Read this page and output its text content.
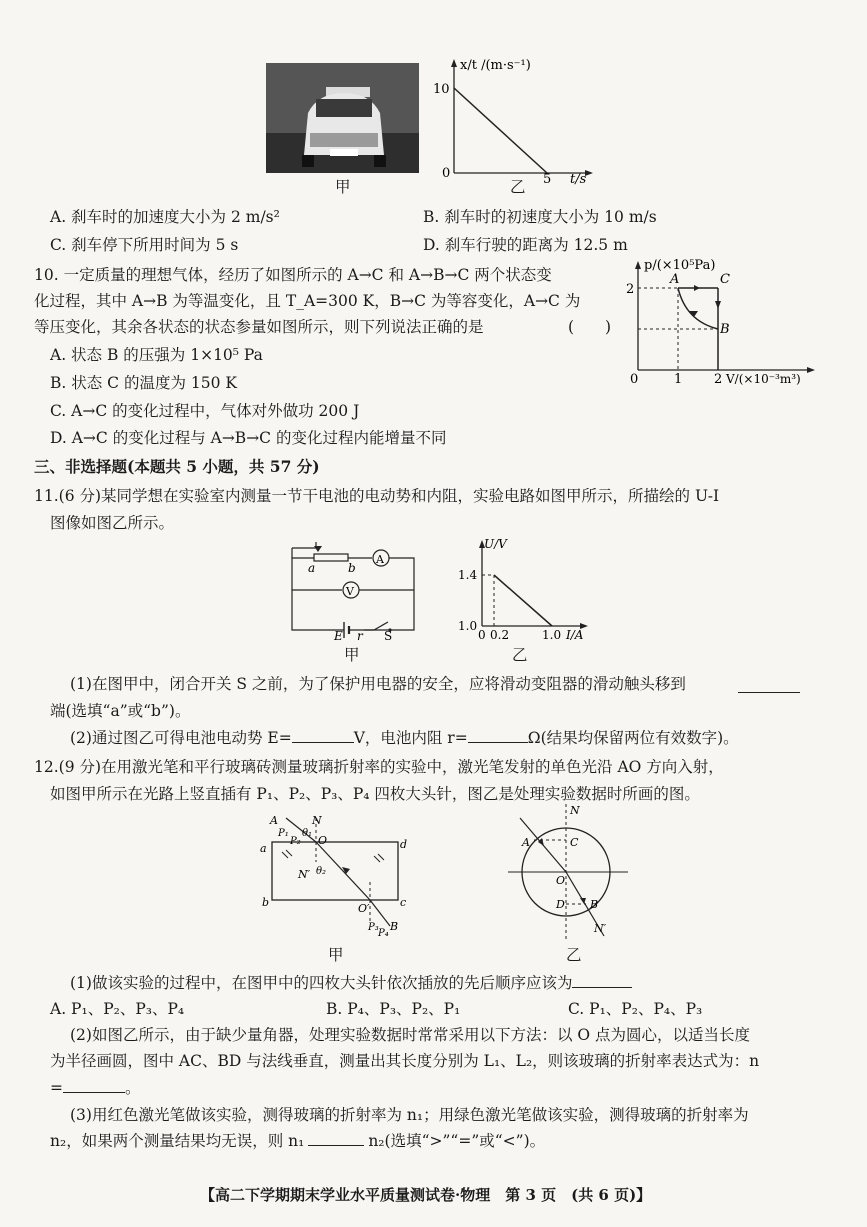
甲
x/t /(m·s⁻¹)
10
0	5 t/s
乙
A. 刹车时的加速度大小为 2 m/s²	B. 刹车时的初速度大小为 10 m/s
C. 刹车停下所用时间为 5 s	D. 刹车行驶的距离为 12.5 m
10. 一定质量的理想气体，经历了如图所示的 A→C 和 A→B→C 两个状态变
化过程，其中 A→B 为等温变化，且 T_A=300 K，B→C 为等容变化，A→C 为
等压变化，其余各状态的状态参量如图所示，则下列说法正确的是	(　　)
A. 状态 B 的压强为 1×10⁵ Pa
B. 状态 C 的温度为 150 K
C. A→C 的变化过程中，气体对外做功 200 J
D. A→C 的变化过程与 A→B→C 的变化过程内能增量不同
p/(×10⁵Pa)
2
A	C
B
0	1 2 V/(×10⁻³m³)
三、非选择题(本题共 5 小题，共 57 分)
11.(6 分)某同学想在实验室内测量一节干电池的电动势和内阻，实验电路如图甲所示，所描绘的 U-I
图像如图乙所示。
a	b
A
V
E r S
甲
U/V
1.4
1.0
0 0.2	1.0 I/A
乙
(1)在图甲中，闭合开关 S 之前，为了保护用电器的安全，应将滑动变阻器的滑动触头移到
端(选填“a”或“b”)。
(2)通过图乙可得电池电动势 E=	V，电池内阻 r=	Ω(结果均保留两位有效数字)。
12.(9 分)在用激光笔和平行玻璃砖测量玻璃折射率的实验中，激光笔发射的单色光沿 AO 方向入射，
如图甲所示在光路上竖直插有 P₁、P₂、P₃、P₄ 四枚大头针，图乙是处理实验数据时所画的图。
A
P₁
P₂
θ₁
N
O
a	d
N′ θ₂
b	c
O′
P₃
P₄
B
甲
N
A	C
O
D B
N′
乙
(1)做该实验的过程中，在图甲中的四枚大头针依次插放的先后顺序应该为
A. P₁、P₂、P₃、P₄	B. P₄、P₃、P₂、P₁	C. P₁、P₂、P₄、P₃
(2)如图乙所示，由于缺少量角器，处理实验数据时常常采用以下方法：以 O 点为圆心，以适当长度
为半径画圆，图中 AC、BD 与法线垂直，测量出其长度分别为 L₁、L₂，则该玻璃的折射率表达式为：n
=	。
(3)用红色激光笔做该实验，测得玻璃的折射率为 n₁；用绿色激光笔做该实验，测得玻璃的折射率为
n₂，如果两个测量结果均无误，则 n₁	n₂(选填“>”“=”或“<”)。
【高二下学期期末学业水平质量测试卷·物理　第 3 页　(共 6 页)】
